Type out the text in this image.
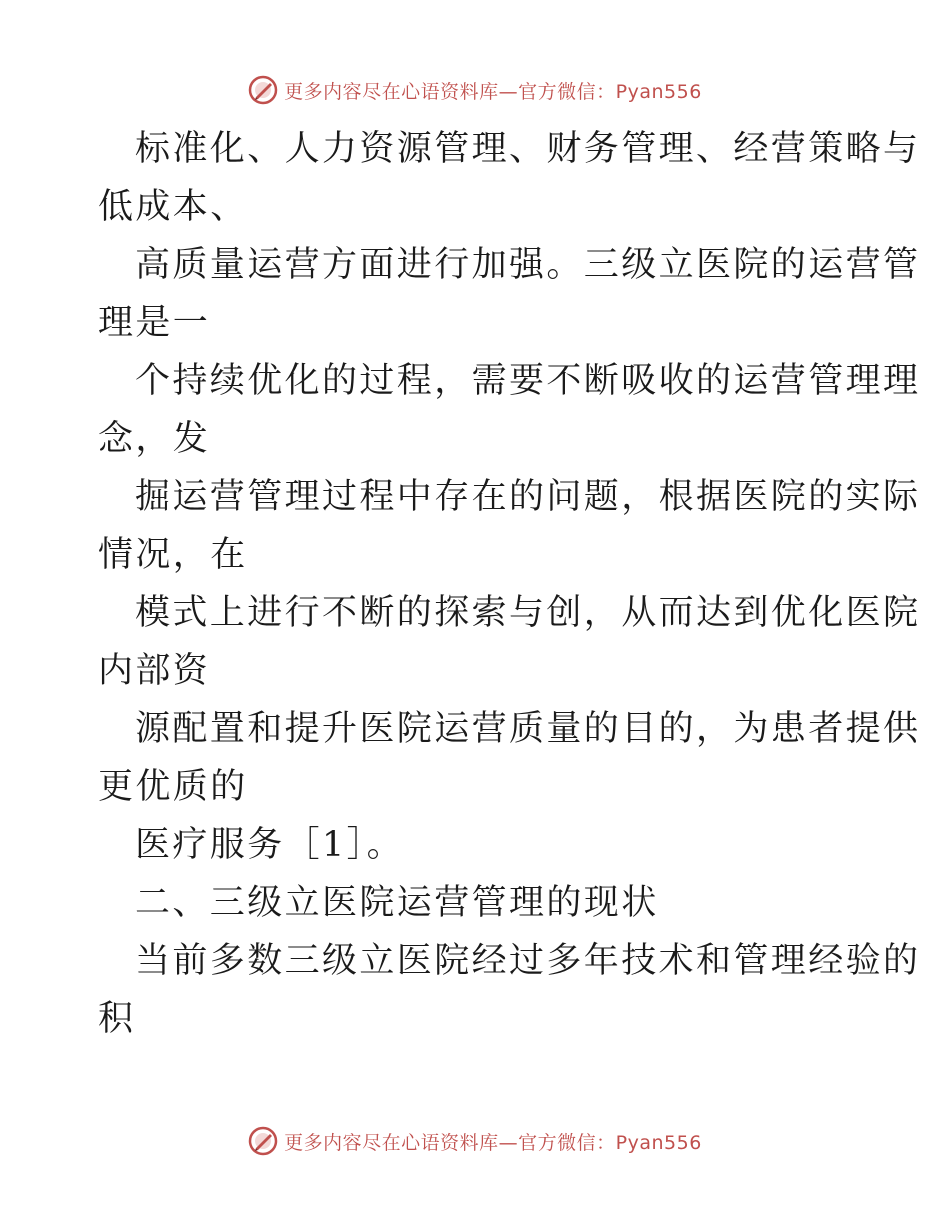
更多内容尽在心语资料库—官方微信：Pyan556

标准化、人力资源管理、财务管理、经营策略与

低成本、

高质量运营方面进行加强。三级立医院的运营管

理是一

个持续优化的过程，需要不断吸收的运营管理理

念，发

掘运营管理过程中存在的问题，根据医院的实际

情况，在

模式上进行不断的探索与创，从而达到优化医院

内部资

源配置和提升医院运营质量的目的，为患者提供

更优质的

医疗服务［1］。

二、三级立医院运营管理的现状

当前多数三级立医院经过多年技术和管理经验的

积

更多内容尽在心语资料库—官方微信：Pyan556
